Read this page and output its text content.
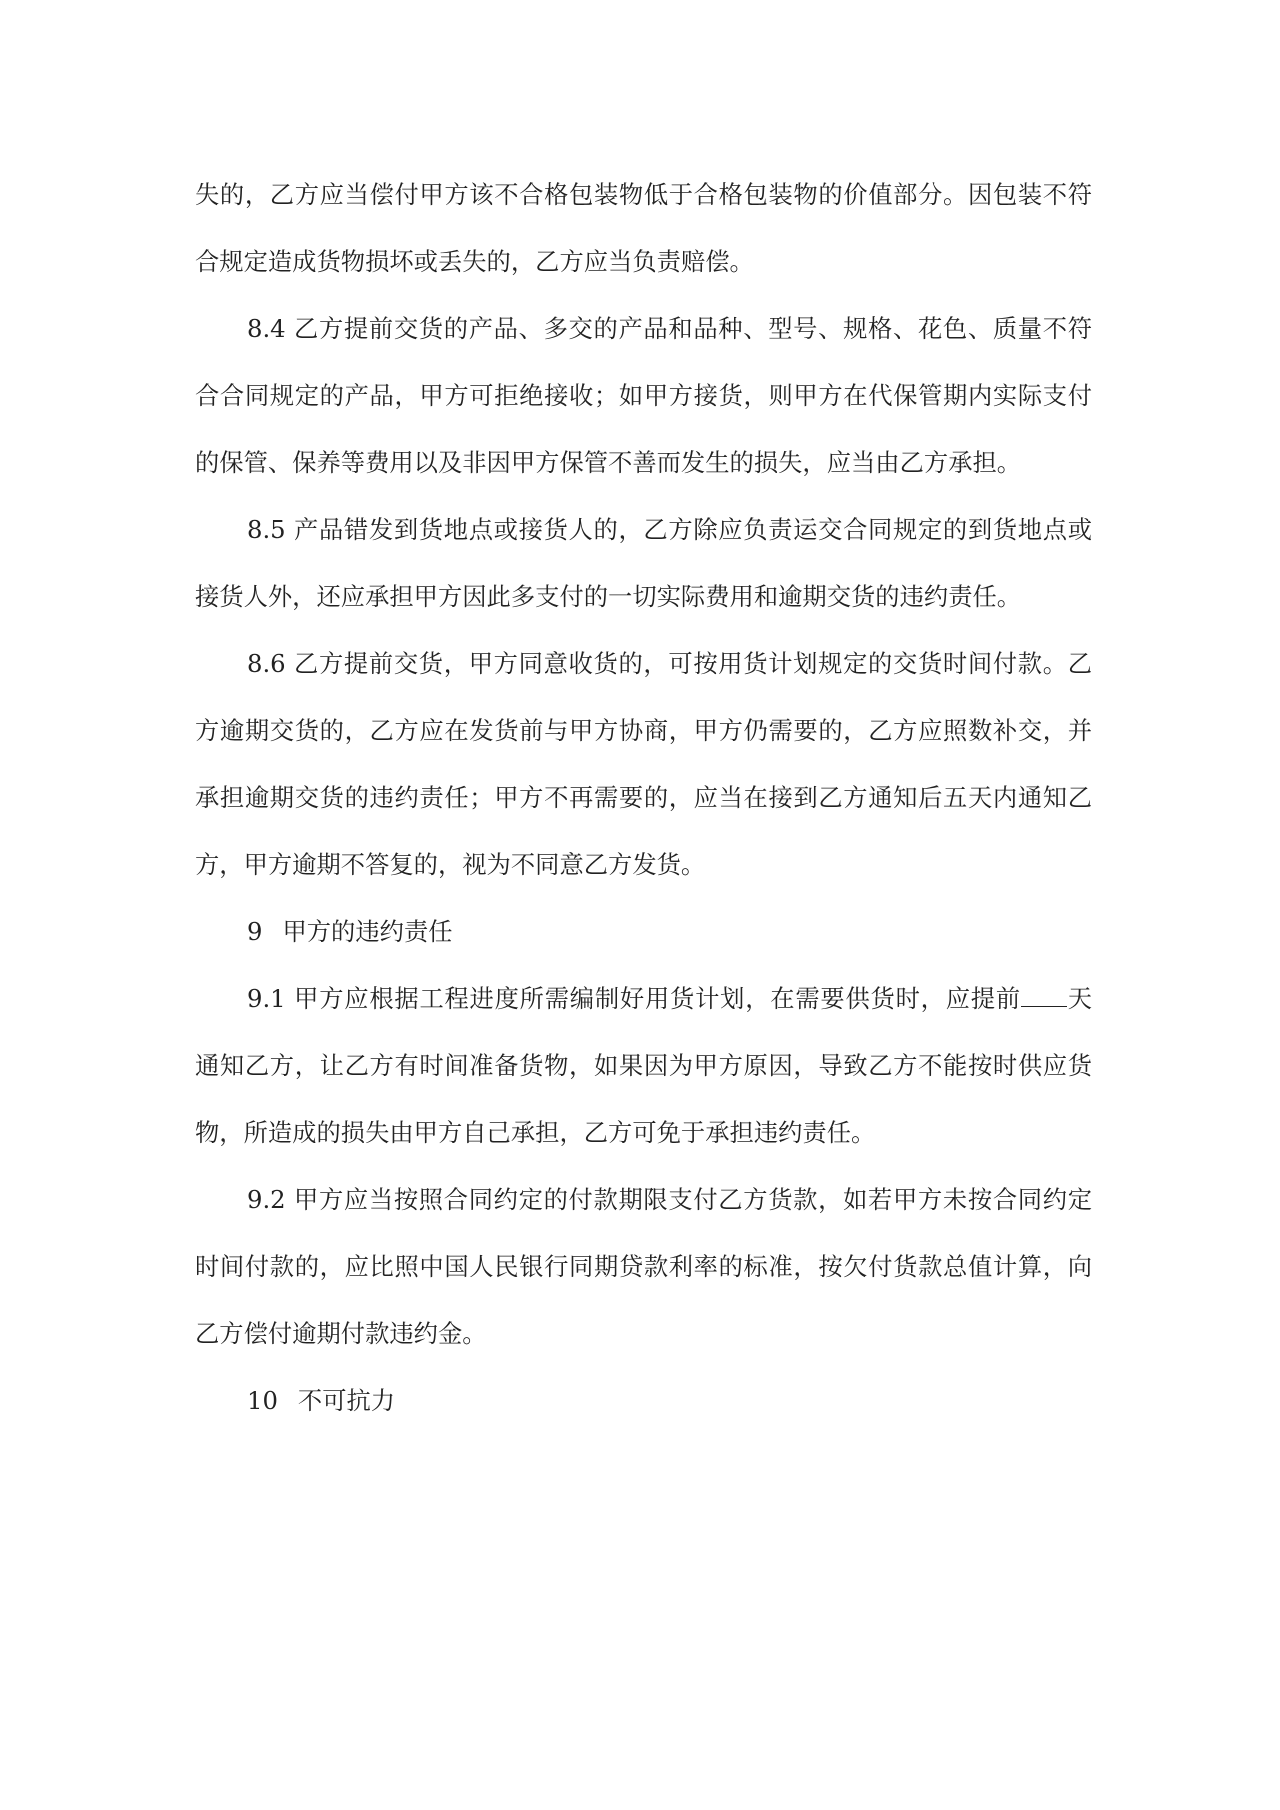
失的，乙方应当偿付甲方该不合格包装物低于合格包装物的价值部分。因包装不符合规定造成货物损坏或丢失的，乙方应当负责赔偿。

8.4 乙方提前交货的产品、多交的产品和品种、型号、规格、花色、质量不符合合同规定的产品，甲方可拒绝接收；如甲方接货，则甲方在代保管期内实际支付的保管、保养等费用以及非因甲方保管不善而发生的损失，应当由乙方承担。

8.5 产品错发到货地点或接货人的，乙方除应负责运交合同规定的到货地点或接货人外，还应承担甲方因此多支付的一切实际费用和逾期交货的违约责任。

8.6 乙方提前交货，甲方同意收货的，可按用货计划规定的交货时间付款。乙方逾期交货的，乙方应在发货前与甲方协商，甲方仍需要的，乙方应照数补交，并承担逾期交货的违约责任；甲方不再需要的，应当在接到乙方通知后五天内通知乙方，甲方逾期不答复的，视为不同意乙方发货。

9 甲方的违约责任

9.1 甲方应根据工程进度所需编制好用货计划，在需要供货时，应提前 天通知乙方，让乙方有时间准备货物，如果因为甲方原因，导致乙方不能按时供应货物，所造成的损失由甲方自己承担，乙方可免于承担违约责任。

9.2 甲方应当按照合同约定的付款期限支付乙方货款，如若甲方未按合同约定时间付款的，应比照中国人民银行同期贷款利率的标准，按欠付货款总值计算，向乙方偿付逾期付款违约金。

10 不可抗力
